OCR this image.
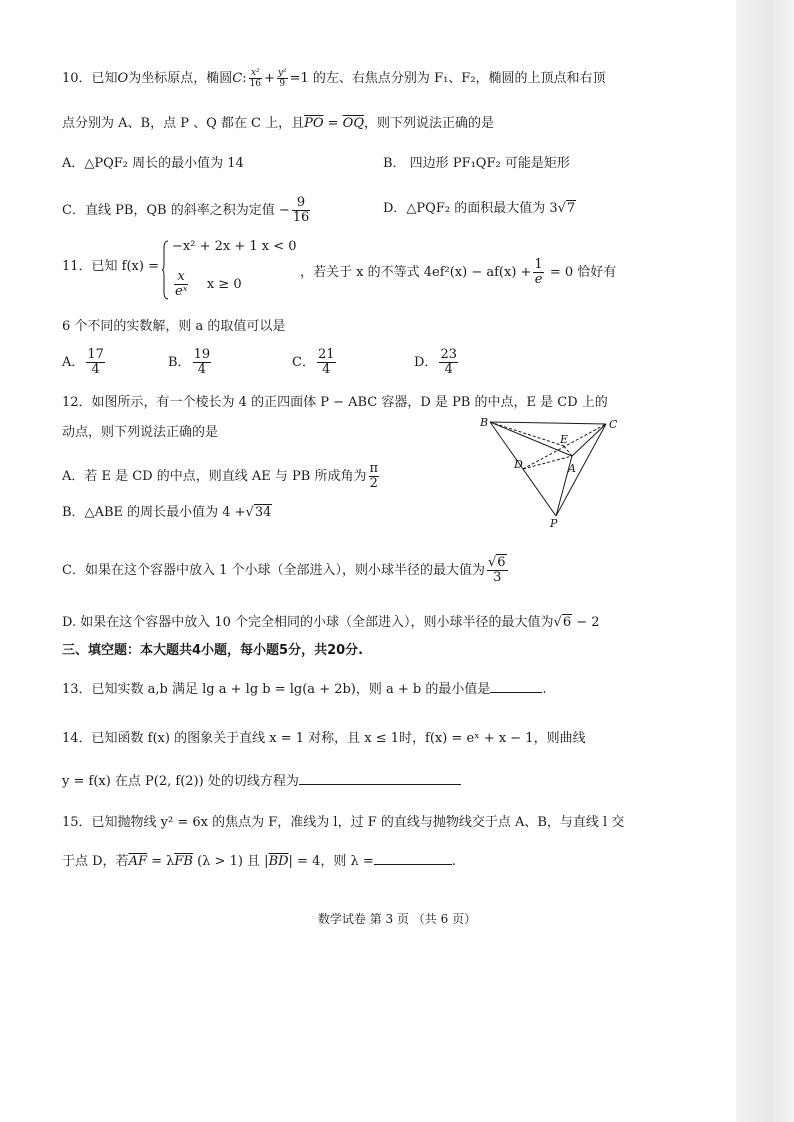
10．已知O为坐标原点，椭圆C: $\frac{\text{x²}}{16} + \frac{\text{y²}}{9} =1$ 的左、右焦点分别为 F₁、F₂，椭圆的上顶点和右顶
点分别为 A、B，点 P 、Q 都在 C 上，且$\overline{PO} = \overline{OQ}$，则下列说法正确的是
A．△PQF₂ 周长的最小值为 14	B． 四边形 PF₁QF₂ 可能是矩形
C．直线 PB，QB 的斜率之积为定值 − $\frac{9}{16}$	D．△PQF₂ 的面积最大值为 3√7
11．已知 f(x) =
−x² + 2x + 1 x < 0
$\frac{x}{\text{eˣ}}$ x ≥ 0
，若关于 x 的不等式 $4ef^2(x) - af(x) + \frac{1}{e} = 0$ 恰好有
6 个不同的实数解，则 a 的取值可以是
A． $\frac{17}{4}$	B． $\frac{19}{4}$	C． $\frac{21}{4}$	D． $\frac{23}{4}$
12．如图所示，有一个棱长为 4 的正四面体 P − ABC 容器，D 是 PB 的中点，E 是 CD 上的
动点，则下列说法正确的是
B	C
E
D	A
P
A．若 E 是 CD 的中点，则直线 AE 与 PB 所成角为 $\frac{\pi}{2}$
B．△ABE 的周长最小值为 4 +√34
C．如果在这个容器中放入 1 个小球（全部进入），则小球半径的最大值为 $\frac{√6}{3}$
D. 如果在这个容器中放入 10 个完全相同的小球（全部进入），则小球半径的最大值为√6 − 2
三、填空题：本大题共4小题，每小题5分，共20分.
13．已知实数 a,b 满足 lg a + lg b = lg(a + 2b)，则 a + b 的最小值是	.
14．已知函数 f(x) 的图象关于直线 x = 1 对称，且 x ≤ 1时，f(x) = eˣ + x − 1，则曲线
y = f(x) 在点 P(2, f(2)) 处的切线方程为
15．已知抛物线 y² = 6x 的焦点为 F，准线为 l，过 F 的直线与抛物线交于点 A、B，与直线 l 交
于点 D，若$\overline{AF} = \lambda\overline{FB}$ (λ > 1) 且 $|\overline{BD}| = 4$，则 λ =	.
数学试卷 第 3 页 （共 6 页）
